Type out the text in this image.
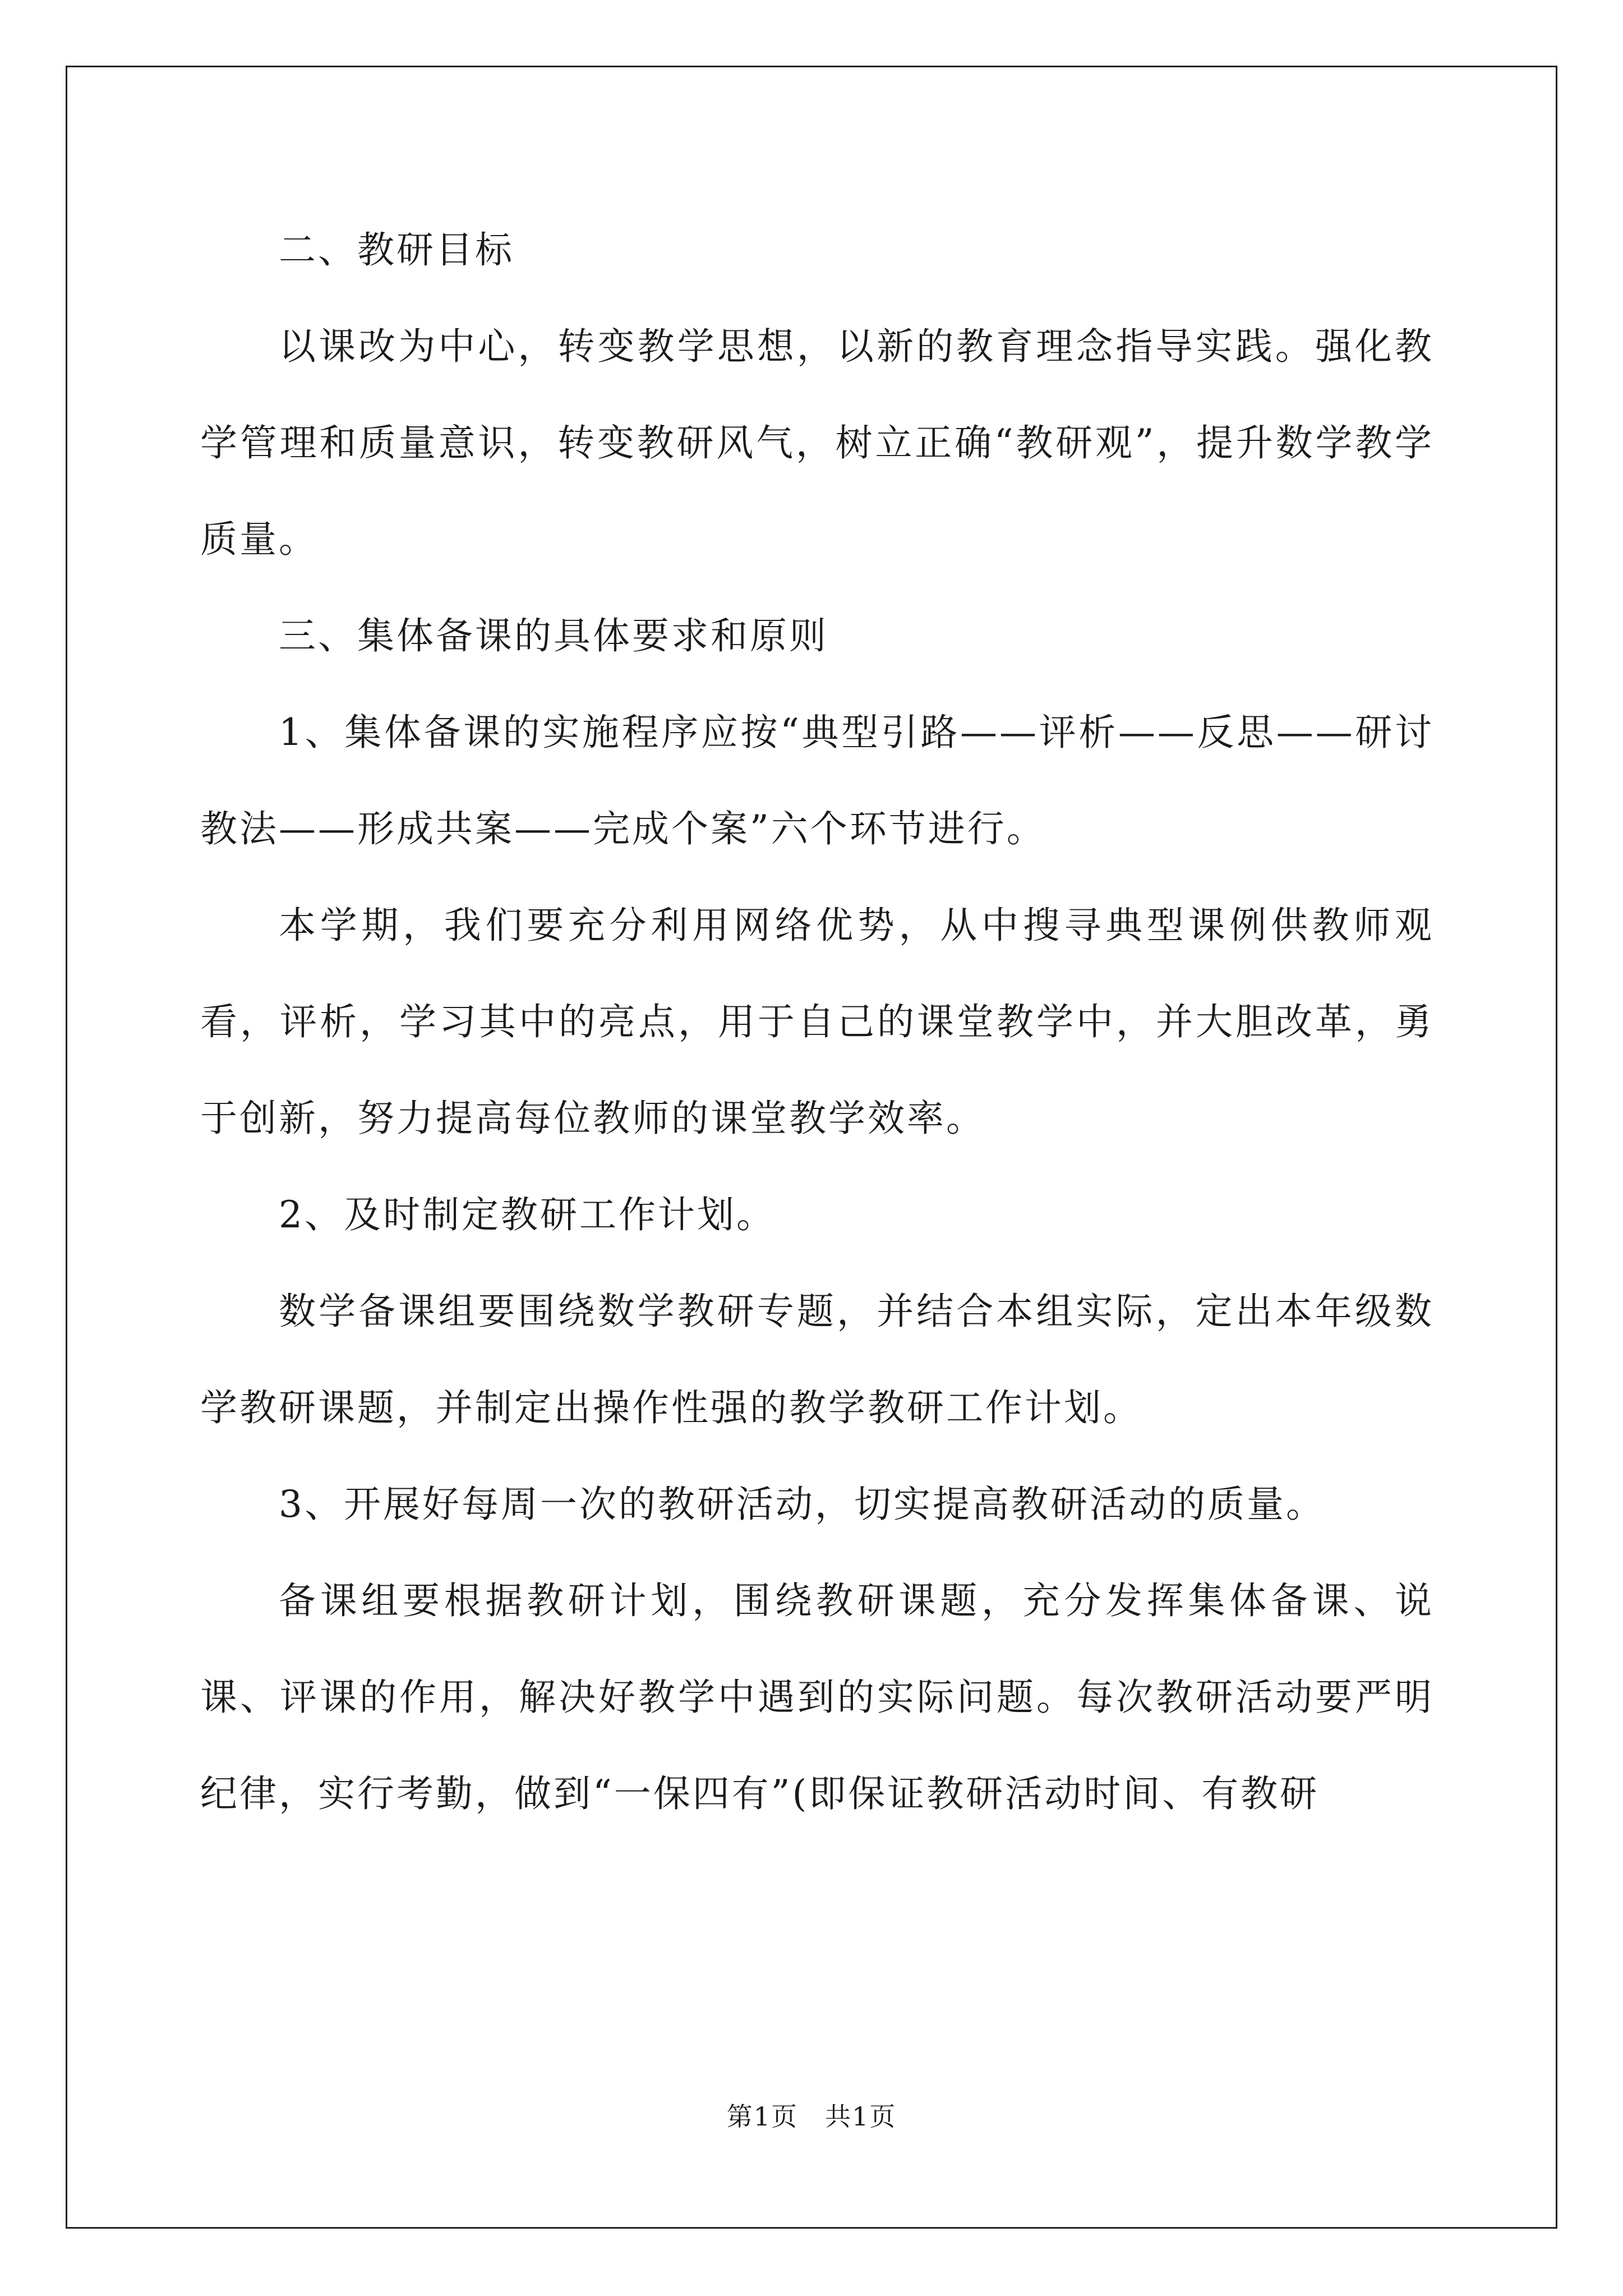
二、教研目标

以课改为中心，转变教学思想，以新的教育理念指导实践。强化教学管理和质量意识，转变教研风气，树立正确“教研观”，提升数学教学质量。

三、集体备课的具体要求和原则

1、集体备课的实施程序应按“典型引路——评析——反思——研讨教法——形成共案——完成个案”六个环节进行。

本学期，我们要充分利用网络优势，从中搜寻典型课例供教师观看，评析，学习其中的亮点，用于自己的课堂教学中，并大胆改革，勇于创新，努力提高每位教师的课堂教学效率。

2、及时制定教研工作计划。

数学备课组要围绕数学教研专题，并结合本组实际，定出本年级数学教研课题，并制定出操作性强的教学教研工作计划。

3、开展好每周一次的教研活动，切实提高教研活动的质量。

备课组要根据教研计划，围绕教研课题，充分发挥集体备课、说课、评课的作用，解决好教学中遇到的实际问题。每次教研活动要严明纪律，实行考勤，做到“一保四有”(即保证教研活动时间、有教研

第1页　共1页
